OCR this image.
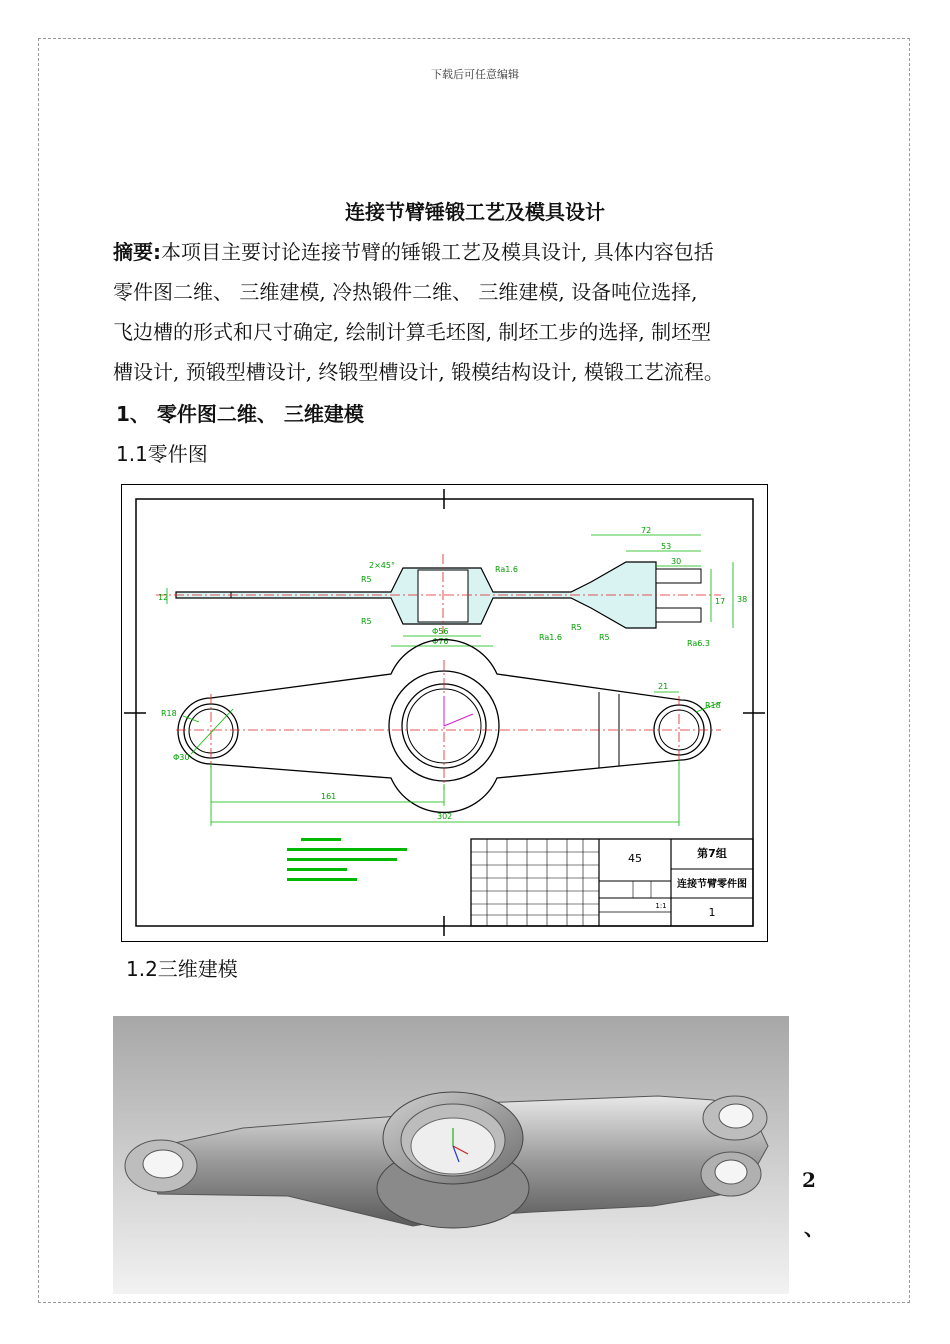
下载后可任意编辑
连接节臂锤锻工艺及模具设计
摘要:本项目主要讨论连接节臂的锤锻工艺及模具设计, 具体内容包括
零件图二维、 三维建模, 冷热锻件二维、 三维建模, 设备吨位选择,
飞边槽的形式和尺寸确定, 绘制计算毛坯图, 制坯工步的选择, 制坯型
槽设计, 预锻型槽设计, 终锻型槽设计, 锻模结构设计, 模锻工艺流程。
1、 零件图二维、 三维建模
1.1零件图
72
53
30
17 38
12
Φ56
Φ76
2×45°
R5
R5
R5
R5
Ra1.6
Ra1.6
Ra6.3
161
302
21
R18
R18
Φ30
45	第7组
连接节臂零件图
1
1:1
1.2三维建模
2
、
